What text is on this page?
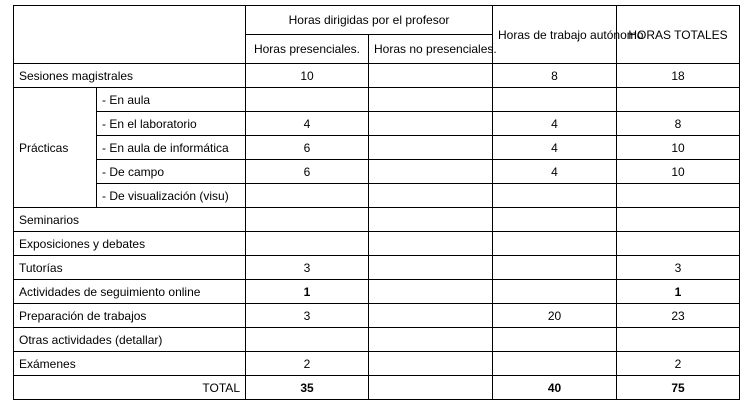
		Horas dirigidas por el profesor		Horas de trabajo autónomo	HORAS TOTALES
		Horas presenciales.	Horas no presenciales.		
Sesiones magistrales		10		8	18
Prácticas	- En aula				
	- En el laboratorio	4		4	8
	- En aula de informática	6		4	10
	- De campo	6		4	10
	- De visualización (visu)				
Seminarios					
Exposiciones y debates					
Tutorías		3			3
Actividades de seguimiento online		1			1
Preparación de trabajos		3		20	23
Otras actividades (detallar)					
Exámenes		2			2
TOTAL		35		40	75
